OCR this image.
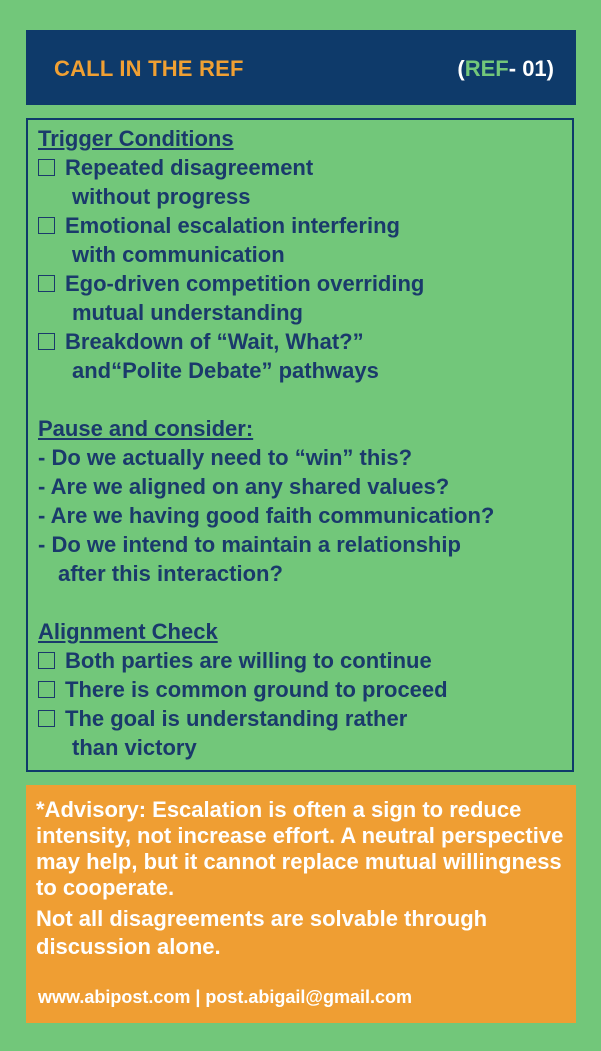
CALL IN THE REF	(REF- 01)
Trigger Conditions
Repeated disagreement
without progress
Emotional escalation interfering
with communication
Ego-driven competition overriding
mutual understanding
Breakdown of “Wait, What?”
and“Polite Debate” pathways
Pause and consider:
- Do we actually need to “win” this?
- Are we aligned on any shared values?
- Are we having good faith communication?
- Do we intend to maintain a relationship
after this interaction?
Alignment Check
Both parties are willing to continue
There is common ground to proceed
The goal is understanding rather
than victory
*Advisory: Escalation is often a sign to reduce intensity, not increase effort. A neutral perspective may help, but it cannot replace mutual willingness to cooperate.
Not all disagreements are solvable through discussion alone.
www.abipost.com | post.abigail@gmail.com
